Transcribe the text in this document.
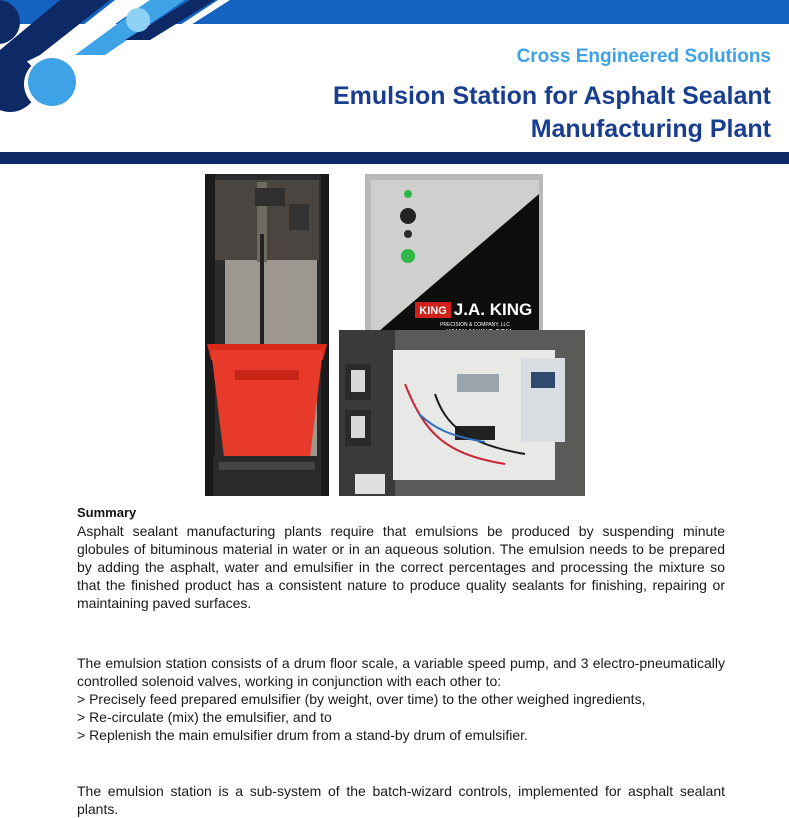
Cross Engineered Solutions
Emulsion Station for Asphalt Sealant
Manufacturing Plant
KING J.A. KING
PRECISION & COMPANY, LLC
Summary
Asphalt sealant manufacturing plants require that emulsions be produced by suspending minute globules of bituminous material in water or in an aqueous solution. The emulsion needs to be prepared by adding the asphalt, water and emulsifier in the correct percentages and processing the mixture so that the finished product has a consistent nature to produce quality sealants for finishing, repairing or maintaining paved surfaces.
The emulsion station consists of a drum floor scale, a variable speed pump, and 3 electro-pneumatically controlled solenoid valves, working in conjunction with each other to:
> Precisely feed prepared emulsifier (by weight, over time) to the other weighed ingredients,
> Re-circulate (mix) the emulsifier, and to
> Replenish the main emulsifier drum from a stand-by drum of emulsifier.
The emulsion station is a sub-system of the batch-wizard controls, implemented for asphalt sealant plants.
